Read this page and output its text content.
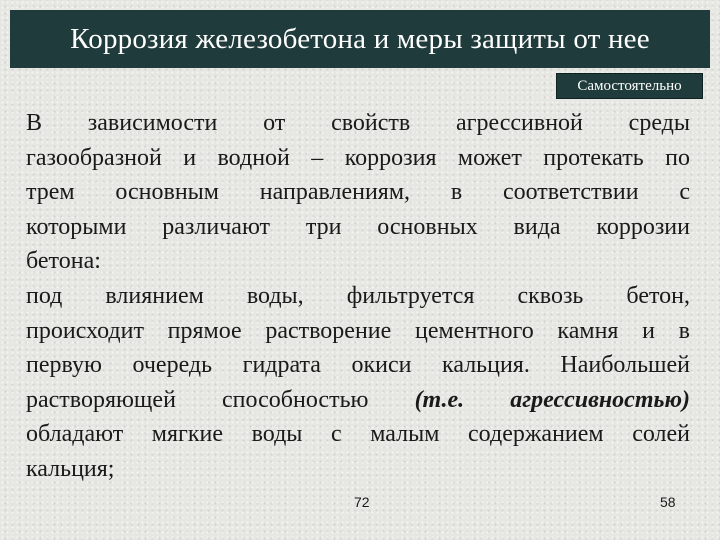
Коррозия железобетона и меры защиты от нее
Самостоятельно
В зависимости от свойств агрессивной среды
газообразной и водной – коррозия может протекать по
трем основным направлениям, в соответствии с
которыми различают три основных вида коррозии
бетона:
под влиянием воды, фильтруется сквозь бетон,
происходит прямое растворение цементного камня и в
первую очередь гидрата окиси кальция. Наибольшей
растворяющей способностью (т.е. агрессивностью)
обладают мягкие воды с малым содержанием солей
кальция;
72	58
